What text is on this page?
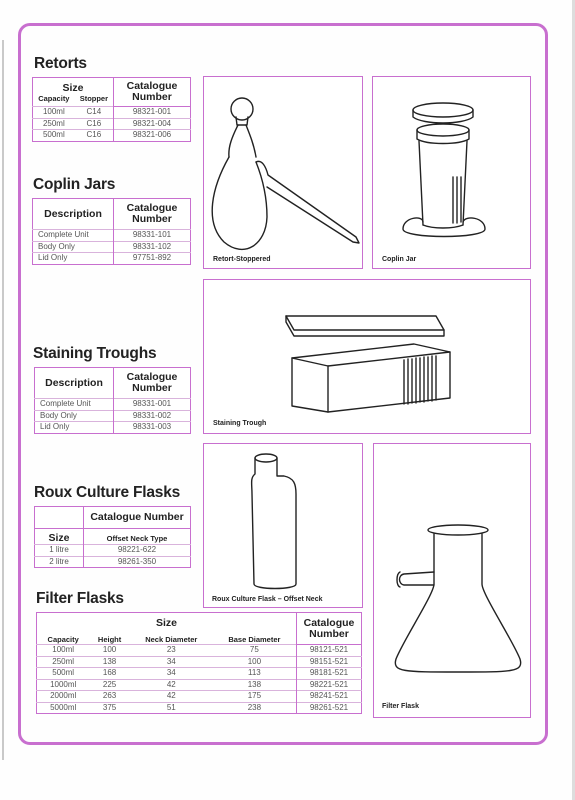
Retorts
Size		Catalogue Number
Capacity	Stopper	
100ml	C14	98321-001
250ml	C16	98321-004
500ml	C16	98321-006
Coplin Jars
Description	Catalogue Number
Complete Unit	98331-101
Body Only	98331-102
Lid Only	97751-892
Staining Troughs
Description	Catalogue Number
Complete Unit	98331-001
Body Only	98331-002
Lid Only	98331-003
Roux Culture Flasks
	Catalogue Number
Size	Offset Neck Type
1 litre	98221-622
2 litre	98261-350
Filter Flasks
Size				Catalogue Number
Capacity	Height	Neck Diameter	Base Diameter	
100ml	100	23	75	98121-521
250ml	138	34	100	98151-521
500ml	168	34	113	98181-521
1000ml	225	42	138	98221-521
2000ml	263	42	175	98241-521
5000ml	375	51	238	98261-521
Retort-Stoppered	Coplin Jar
Staining Trough
Roux Culture Flask – Offset Neck
Filter Flask
